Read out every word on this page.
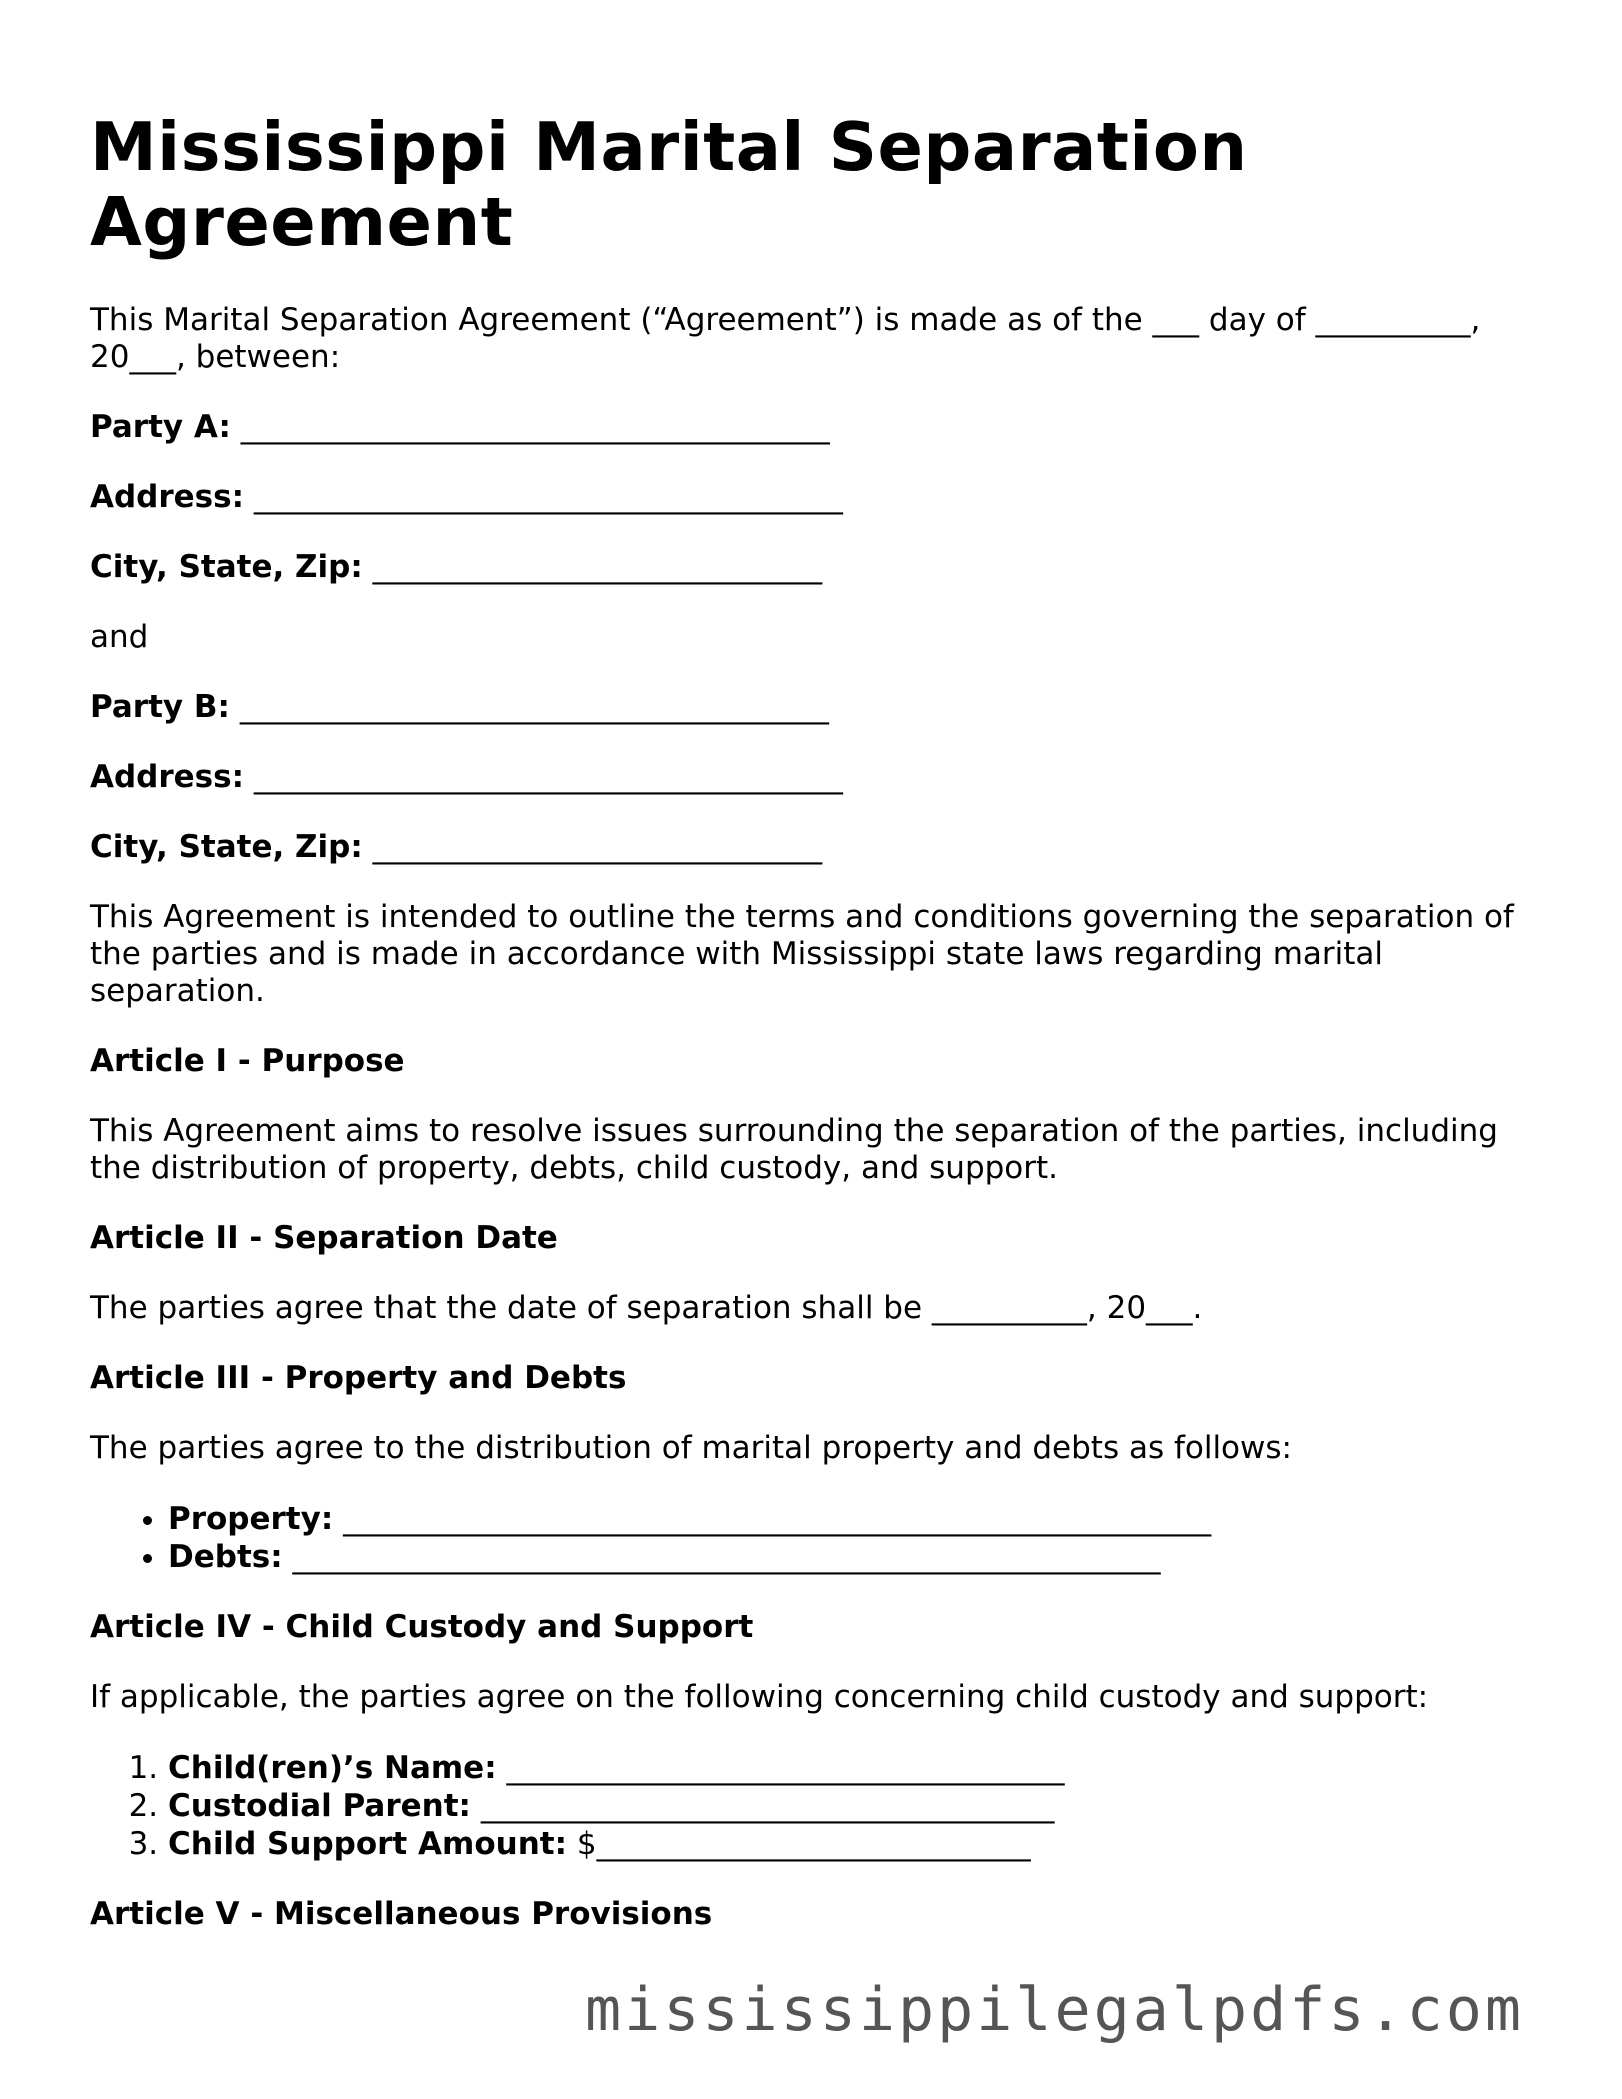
Mississippi Marital Separation Agreement

This Marital Separation Agreement (“Agreement”) is made as of the ___ day of __________, 20___, between:

Party A: ______________________________________
Address: ______________________________________
City, State, Zip: _____________________________

and

Party B: ______________________________________
Address: ______________________________________
City, State, Zip: _____________________________

This Agreement is intended to outline the terms and conditions governing the separation of the parties and is made in accordance with Mississippi state laws regarding marital separation.

Article I - Purpose

This Agreement aims to resolve issues surrounding the separation of the parties, including the distribution of property, debts, child custody, and support.

Article II - Separation Date

The parties agree that the date of separation shall be __________, 20___.

Article III - Property and Debts

The parties agree to the distribution of marital property and debts as follows:

• Property: ________________________________________________________
• Debts: ________________________________________________________
Article IV - Child Custody and Support

If applicable, the parties agree on the following concerning child custody and support:

1. Child(ren)’s Name: ____________________________________
2. Custodial Parent: _____________________________________
3. Child Support Amount: $____________________________
Article V - Miscellaneous Provisions
mississippilegalpdfs.com
